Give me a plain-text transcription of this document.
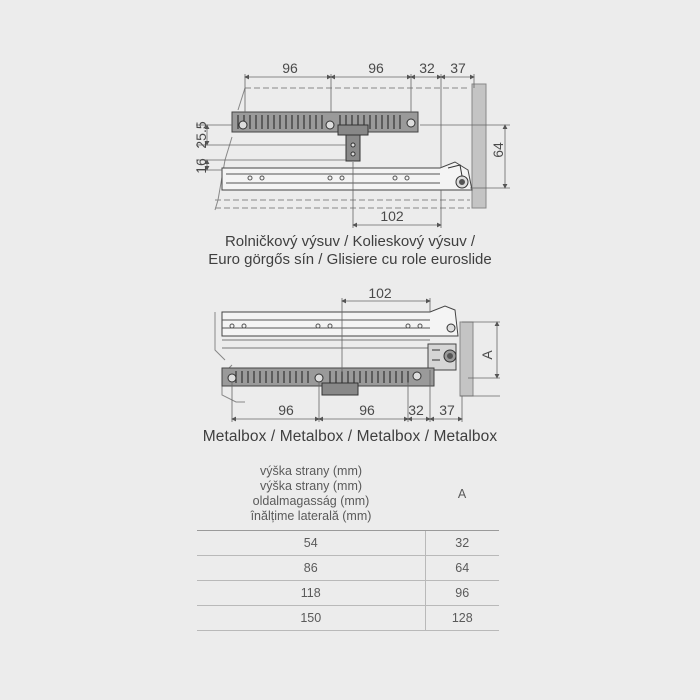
96	96	32 37
25.5
16
64
102
102
A
96	96 32 37
Rolničkový výsuv / Kolieskový výsuv /
Euro görgős sín / Glisiere cu role euroslide
Metalbox / Metalbox / Metalbox / Metalbox
výška strany (mm)
výška strany (mm)
oldalmagasság (mm)
înălțime laterală (mm)	A
54	32
86	64
118	96
150	128
